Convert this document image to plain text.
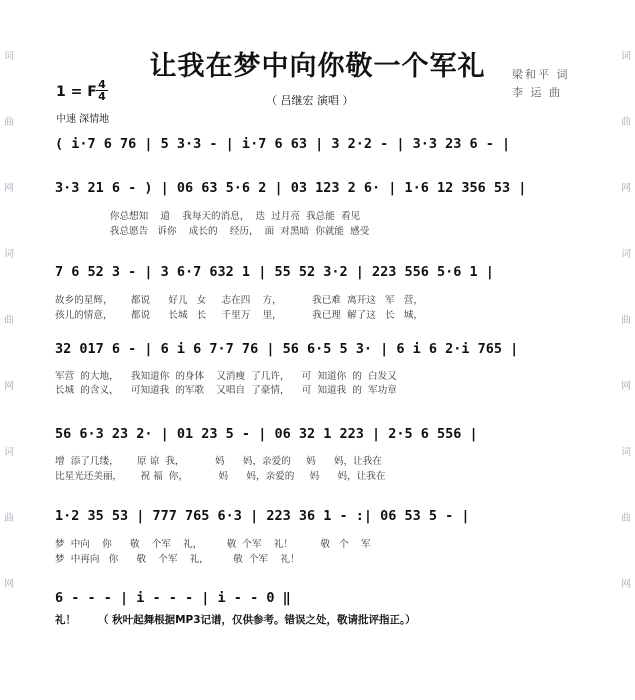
词
曲
网
词
曲
网
词
曲
网
词
曲
网
词
曲
网
词
曲
网
让我在梦中向你敬一个军礼	梁和平 词
李 运 曲
（ 吕继宏 演唱 ）
1 = F 4
4
中速 深情地
( i·7 6 76 | 5 3·3 - | i·7 6 63 | 3 2·2 - | 3·3 23 6 - |
3·3 21 6 - ) | 06 63 5·6 2 | 03 123 2 6· | 1·6 12 356 53 |
你总想知    道    我每天的消息，  迭  过月亮  我总能  看见
我总愿告   诉你    成长的    经历，  面  对黑暗  你就能  感受
7 6 52 3 - | 3 6·7 632 1 | 55 52 3·2 | 223 556 5·6 1 |
故乡的星辉，      都说      好儿   女     志在四    方，          我已难  离开这   军   营，
孩儿的情意，      都说      长城   长     千里万    里，          我已理  解了这   长   城，
32 017 6 - | 6 i 6 7·7 76 | 56 6·5 5 3· | 6 i 6 2·i 765 |
军营  的大地，    我知道你  的身体    又消瘦  了几许，    可  知道你  的  白发又
长城  的含义，    可知道我  的军歌    又唱自  了豪情，    可  知道我  的  军功章
56 6·3 23 2· | 01 23 5 - | 06 32 1 223 | 2·5 6 556 |
增  添了几缕，      原 谅  我，          妈      妈，亲爱的     妈      妈，让我在
比星光还美丽，      祝 福  你，          妈      妈，亲爱的     妈      妈，让我在
1·2 35 53 | 777 765 6·3 | 223 36 1 - :| 06 53 5 - |
梦  中向    你      敬    个军    礼，        敬  个军    礼！         敬   个    军
梦  中再向   你      敬    个军    礼，        敬  个军    礼！
6 - - - | i - - - | i - - 0 ‖
礼！ （ 秋叶起舞根据MP3记谱，仅供参考。错误之处，敬请批评指正。）
